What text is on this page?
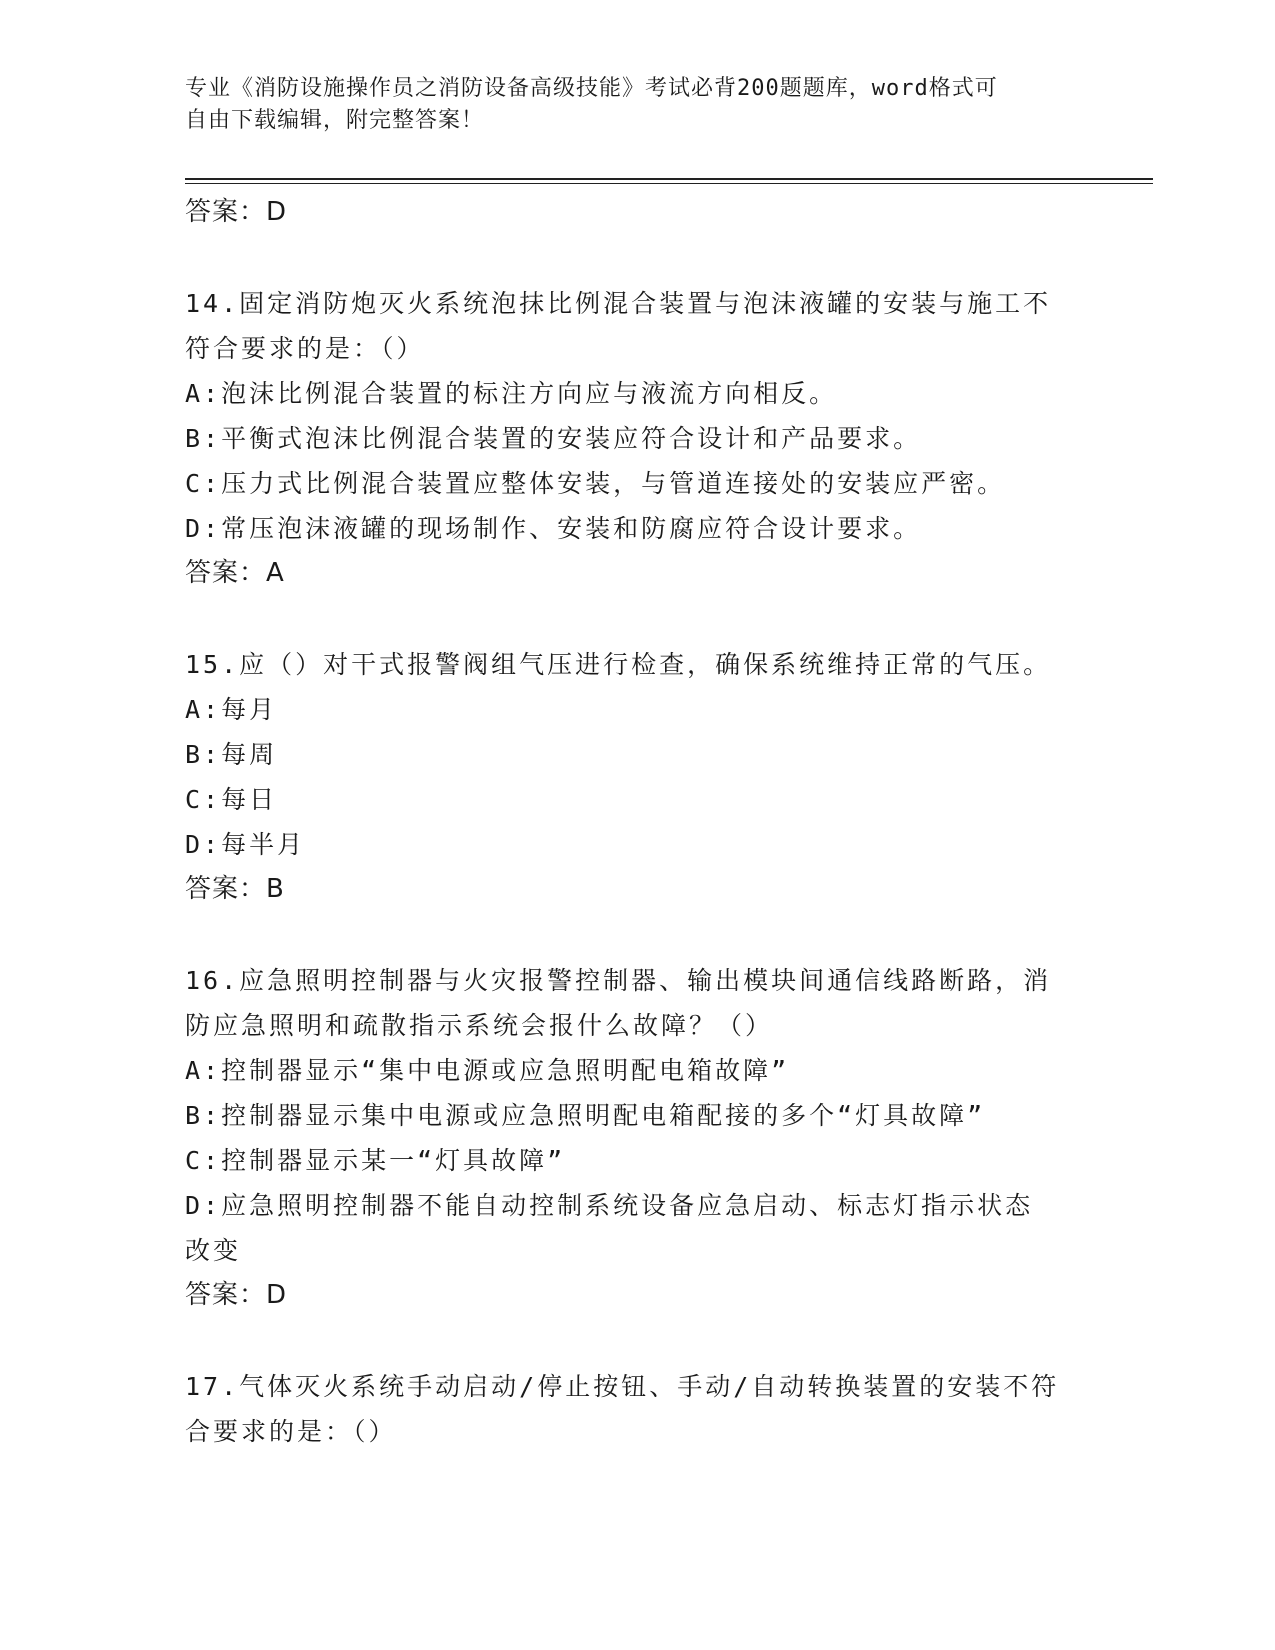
专业《消防设施操作员之消防设备高级技能》考试必背200题题库，word格式可
自由下载编辑，附完整答案！
答案：D
14.固定消防炮灭火系统泡抹比例混合装置与泡沫液罐的安装与施工不
符合要求的是：（）
A:泡沫比例混合装置的标注方向应与液流方向相反。
B:平衡式泡沫比例混合装置的安装应符合设计和产品要求。
C:压力式比例混合装置应整体安装，与管道连接处的安装应严密。
D:常压泡沫液罐的现场制作、安装和防腐应符合设计要求。
答案：A
15.应（）对干式报警阀组气压进行检查，确保系统维持正常的气压。
A:每月
B:每周
C:每日
D:每半月
答案：B
16.应急照明控制器与火灾报警控制器、输出模块间通信线路断路，消
防应急照明和疏散指示系统会报什么故障？（）
A:控制器显示“集中电源或应急照明配电箱故障”
B:控制器显示集中电源或应急照明配电箱配接的多个“灯具故障”
C:控制器显示某一“灯具故障”
D:应急照明控制器不能自动控制系统设备应急启动、标志灯指示状态
改变
答案：D
17.气体灭火系统手动启动/停止按钮、手动/自动转换装置的安装不符
合要求的是：（）
